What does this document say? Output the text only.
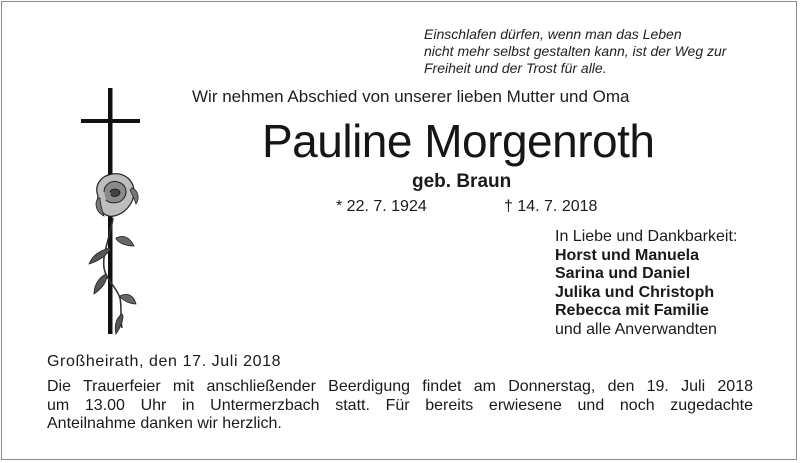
Einschlafen dürfen, wenn man das Leben
nicht mehr selbst gestalten kann, ist der Weg zur
Freiheit und der Trost für alle.
Wir nehmen Abschied von unserer lieben Mutter und Oma
Pauline Morgenroth
geb. Braun
* 22. 7. 1924	† 14. 7. 2018
In Liebe und Dankbarkeit:
Horst und Manuela
Sarina und Daniel
Julika und Christoph
Rebecca mit Familie
und alle Anverwandten
Großheirath, den 17. Juli 2018
Die Trauerfeier mit anschließender Beerdigung findet am Donnerstag, den 19. Juli 2018
um 13.00 Uhr in Untermerzbach statt. Für bereits erwiesene und noch zugedachte
Anteilnahme danken wir herzlich.
